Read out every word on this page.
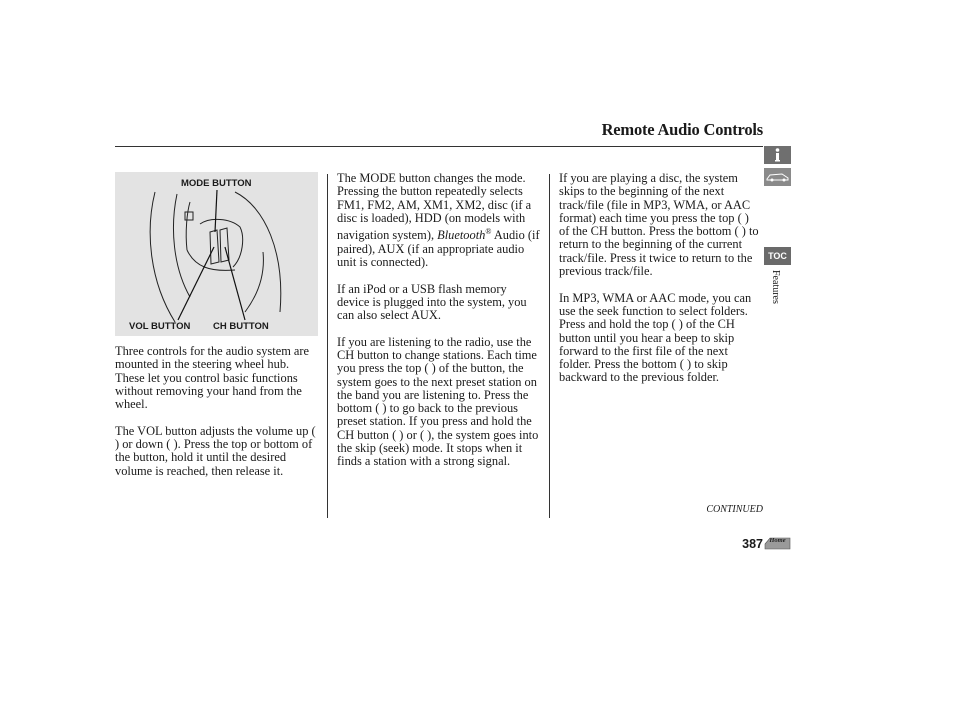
Remote Audio Controls
MODE BUTTON
VOL BUTTON CH BUTTON

Three controls for the audio system are mounted in the steering wheel hub. These let you control basic functions without removing your hand from the wheel.

The VOL button adjusts the volume up ( ) or down ( ). Press the top or bottom of the button, hold it until the desired volume is reached, then release it.

The MODE button changes the mode. Pressing the button repeatedly selects FM1, FM2, AM, XM1, XM2, disc (if a disc is loaded), HDD (on models with navigation system), Bluetooth® Audio (if paired), AUX (if an appropriate audio unit is connected).

If an iPod or a USB flash memory device is plugged into the system, you can also select AUX.

If you are listening to the radio, use the CH button to change stations. Each time you press the top ( ) of the button, the system goes to the next preset station on the band you are listening to. Press the bottom ( ) to go back to the previous preset station. If you press and hold the CH button ( ) or ( ), the system goes into the skip (seek) mode. It stops when it finds a station with a strong signal.

If you are playing a disc, the system skips to the beginning of the next track/file (file in MP3, WMA, or AAC format) each time you press the top ( ) of the CH button. Press the bottom ( ) to return to the beginning of the current track/file. Press it twice to return to the previous track/file.

In MP3, WMA or AAC mode, you can use the seek function to select folders. Press and hold the top ( ) of the CH button until you hear a beep to skip forward to the first file of the next folder. Press the bottom ( ) to skip backward to the previous folder.

TOC
Features
CONTINUED
387 Home
